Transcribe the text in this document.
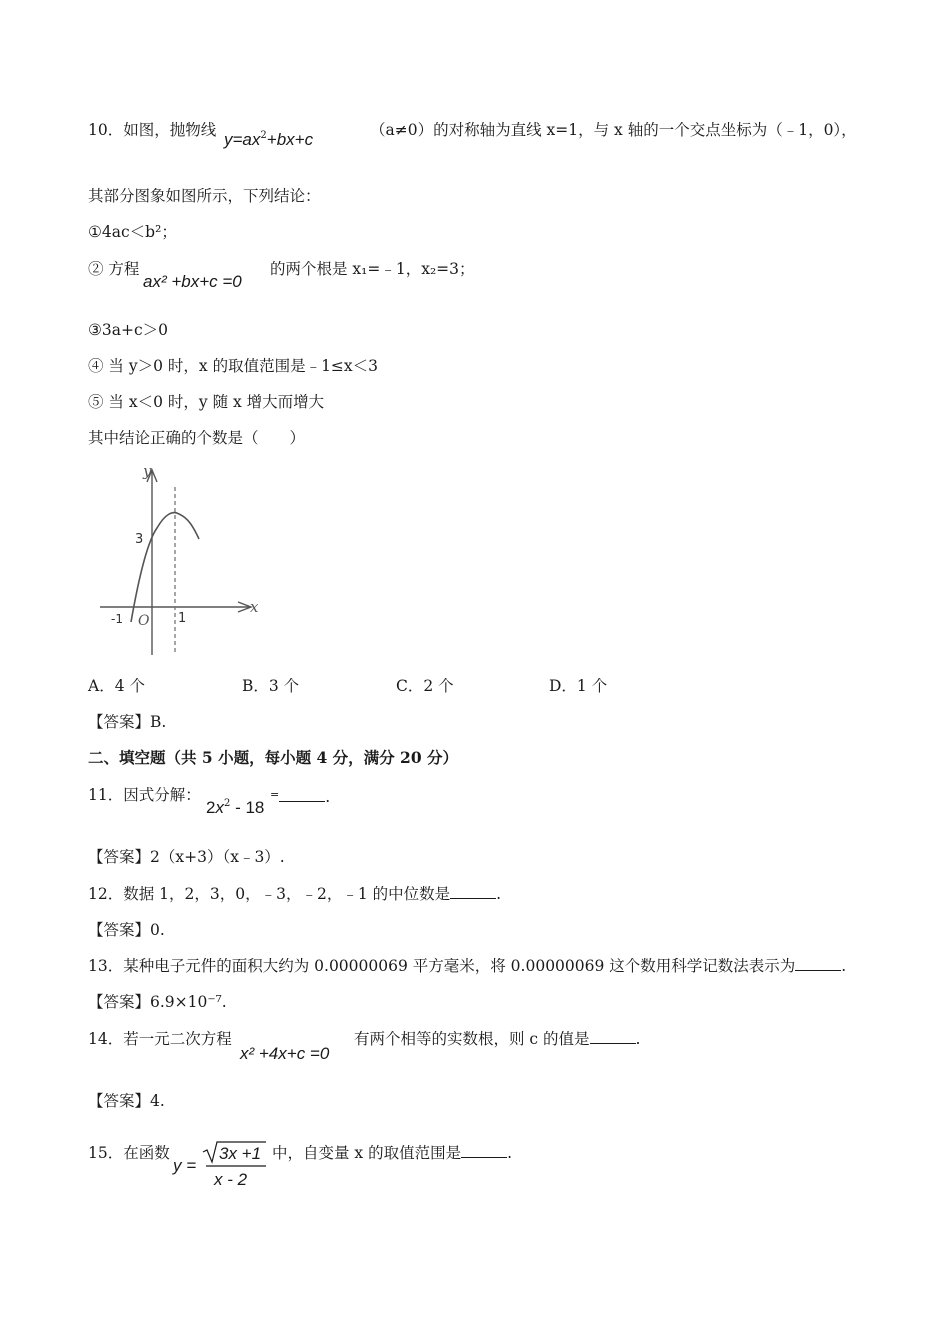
10．如图，抛物线 $y=ax^2+bx+c$	（a≠0）的对称轴为直线 x=1，与 x 轴的一个交点坐标为（﹣1，0），
其部分图象如图所示，下列结论：
①4ac＜b²；
② 方程
ax² +bx+c =0
的两个根是 x₁=﹣1，x₂=3；
③3a+c＞0
④ 当 y＞0 时，x 的取值范围是﹣1≤x＜3
⑤ 当 x＜0 时，y 随 x 增大而增大
其中结论正确的个数是（　　）
y
x
3
-1 O 1
A．4 个	B．3 个	C．2 个	D．1 个
【答案】B.
二、填空题（共 5 小题，每小题 4 分，满分 20 分）
11．因式分解：
$2x^2 - 18$
=	.
【答案】2（x+3）（x﹣3）.
12．数据 1，2，3，0，﹣3，﹣2，﹣1 的中位数是	.
【答案】0.
13．某种电子元件的面积大约为 0.00000069 平方毫米，将 0.00000069 这个数用科学记数法表示为	.
【答案】6.9×10⁻⁷.
14．若一元二次方程
x² +4x+c =0
有两个相等的实数根，则 c 的值是	.
【答案】4.
15．在函数
y =
3x +1
x - 2
中，自变量 x 的取值范围是	.
